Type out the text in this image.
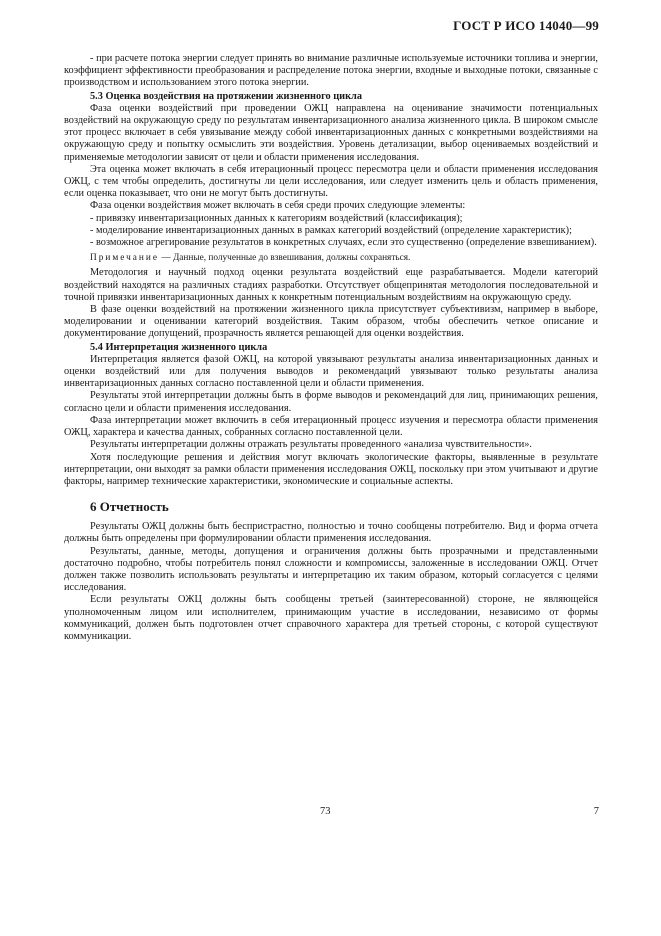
ГОСТ Р ИСО 14040—99

- при расчете потока энергии следует принять во внимание различные используемые источники топлива и энергии, коэффициент эффективности преобразования и распределение потока энергии, входные и выходные потоки, связанные с производством и использованием этого потока энергии.

5.3 Оценка воздействия на протяжении жизненного цикла

Фаза оценки воздействий при проведении ОЖЦ направлена на оценивание значимости потенциальных воздействий на окружающую среду по результатам инвентаризационного анализа жизненного цикла. В широком смысле этот процесс включает в себя увязывание между собой инвентаризационных данных с конкретными воздействиями на окружающую среду и попытку осмыслить эти воздействия. Уровень детализации, выбор оцениваемых воздействий и применяемые методологии зависят от цели и области применения исследования.

Эта оценка может включать в себя итерационный процесс пересмотра цели и области применения исследования ОЖЦ, с тем чтобы определить, достигнуты ли цели исследования, или следует изменить цель и область применения, если оценка показывает, что они не могут быть достигнуты.

Фаза оценки воздействия может включать в себя среди прочих следующие элементы:

- привязку инвентаризационных данных к категориям воздействий (классификация);

- моделирование инвентаризационных данных в рамках категорий воздействий (определение характеристик);

- возможное агрегирование результатов в конкретных случаях, если это существенно (определение взвешиванием).

Примечание — Данные, полученные до взвешивания, должны сохраняться.

Методология и научный подход оценки результата воздействий еще разрабатывается. Модели категорий воздействий находятся на различных стадиях разработки. Отсутствует общепринятая методология последовательной и точной привязки инвентаризационных данных к конкретным потенциальным воздействиям на окружающую среду.

В фазе оценки воздействий на протяжении жизненного цикла присутствует субъективизм, например в выборе, моделировании и оценивании категорий воздействия. Таким образом, чтобы обеспечить четкое описание и документирование допущений, прозрачность является решающей для оценки воздействия.

5.4 Интерпретация жизненного цикла

Интерпретация является фазой ОЖЦ, на которой увязывают результаты анализа инвентаризационных данных и оценки воздействий или для получения выводов и рекомендаций увязывают только результаты анализа инвентаризационных данных согласно поставленной цели и области применения.

Результаты этой интерпретации должны быть в форме выводов и рекомендаций для лиц, принимающих решения, согласно цели и области применения исследования.

Фаза интерпретации может включить в себя итерационный процесс изучения и пересмотра области применения ОЖЦ, характера и качества данных, собранных согласно поставленной цели.

Результаты интерпретации должны отражать результаты проведенного «анализа чувствительности».

Хотя последующие решения и действия могут включать экологические факторы, выявленные в результате интерпретации, они выходят за рамки области применения исследования ОЖЦ, поскольку при этом учитывают и другие факторы, например технические характеристики, экономические и социальные аспекты.

6 Отчетность

Результаты ОЖЦ должны быть беспристрастно, полностью и точно сообщены потребителю. Вид и форма отчета должны быть определены при формулировании области применения исследования.

Результаты, данные, методы, допущения и ограничения должны быть прозрачными и представленными достаточно подробно, чтобы потребитель понял сложности и компромиссы, заложенные в исследовании ОЖЦ. Отчет должен также позволить использовать результаты и интерпретацию их таким образом, который согласуется с целями исследования.

Если результаты ОЖЦ должны быть сообщены третьей (заинтересованной) стороне, не являющейся уполномоченным лицом или исполнителем, принимающим участие в исследовании, независимо от формы коммуникаций, должен быть подготовлен отчет справочного характера для третьей стороны, с которой существуют коммуникации.

73	7
